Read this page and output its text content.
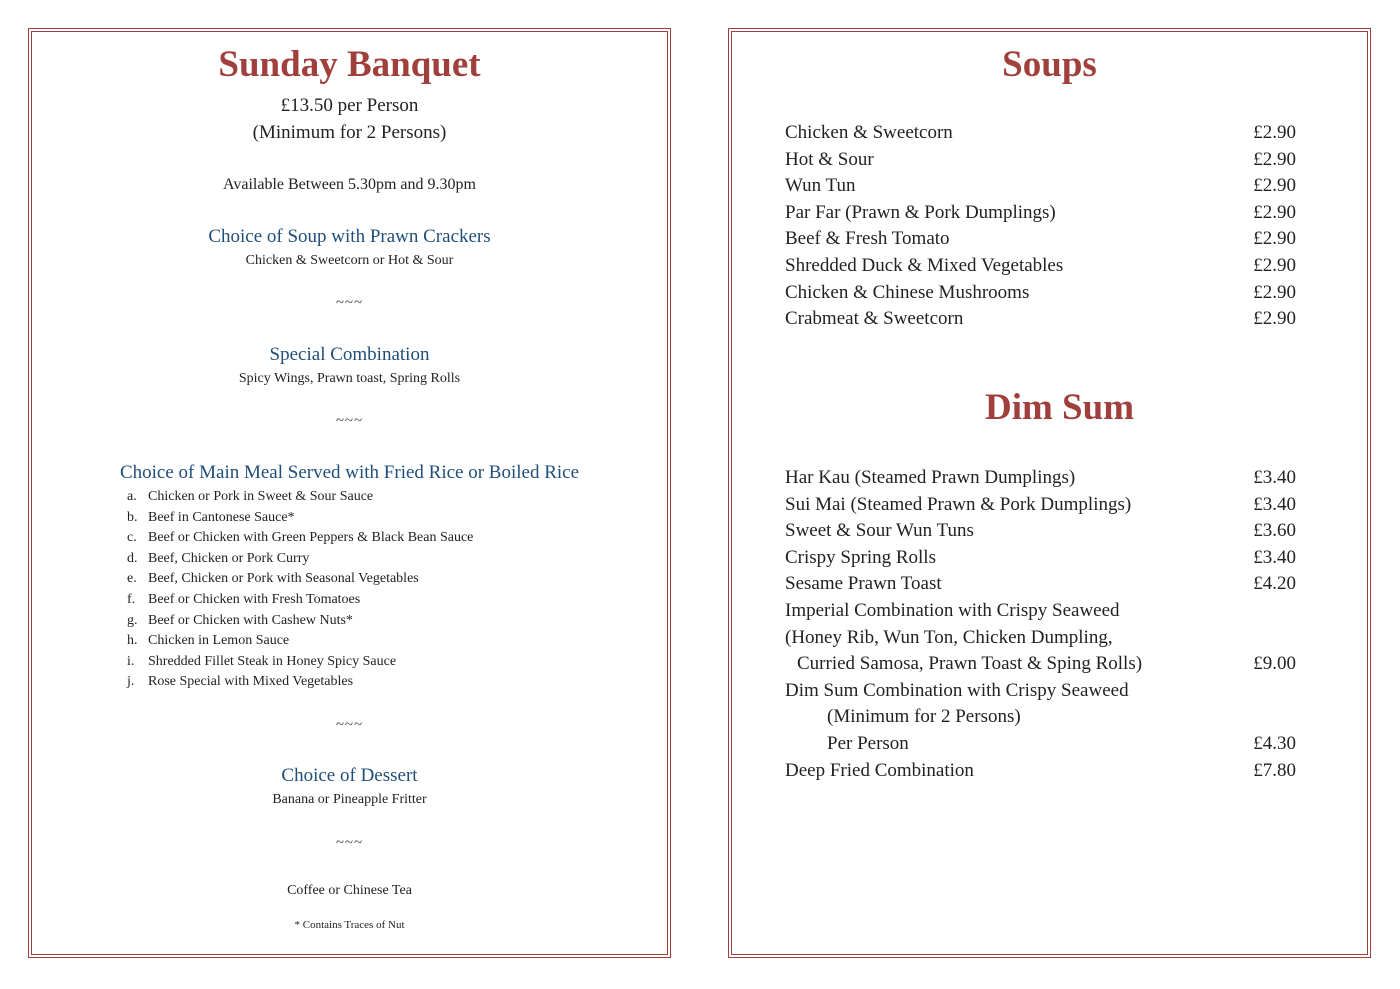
Sunday Banquet
£13.50 per Person
(Minimum for 2 Persons)
Available Between 5.30pm and 9.30pm
Choice of Soup with Prawn Crackers
Chicken & Sweetcorn or Hot & Sour
~~~
Special Combination
Spicy Wings, Prawn toast, Spring Rolls
~~~
Choice of Main Meal Served with Fried Rice or Boiled Rice
a. Chicken or Pork in Sweet & Sour Sauce
b. Beef in Cantonese Sauce*
c. Beef or Chicken with Green Peppers & Black Bean Sauce
d. Beef, Chicken or Pork Curry
e. Beef, Chicken or Pork with Seasonal Vegetables
f. Beef or Chicken with Fresh Tomatoes
g. Beef or Chicken with Cashew Nuts*
h. Chicken in Lemon Sauce
i. Shredded Fillet Steak in Honey Spicy Sauce
j. Rose Special with Mixed Vegetables
~~~
Choice of Dessert
Banana or Pineapple Fritter
~~~
Coffee or Chinese Tea
* Contains Traces of Nut
Soups
Chicken & Sweetcorn	£2.90
Hot & Sour	£2.90
Wun Tun	£2.90
Par Far (Prawn & Pork Dumplings)	£2.90
Beef & Fresh Tomato	£2.90
Shredded Duck & Mixed Vegetables	£2.90
Chicken & Chinese Mushrooms	£2.90
Crabmeat & Sweetcorn	£2.90
Dim Sum
Har Kau (Steamed Prawn Dumplings)	£3.40
Sui Mai (Steamed Prawn & Pork Dumplings)	£3.40
Sweet & Sour Wun Tuns	£3.60
Crispy Spring Rolls	£3.40
Sesame Prawn Toast	£4.20
Imperial Combination with Crispy Seaweed
(Honey Rib, Wun Ton, Chicken Dumpling,
Curried Samosa, Prawn Toast & Sping Rolls)	£9.00
Dim Sum Combination with Crispy Seaweed
(Minimum for 2 Persons)
Per Person	£4.30
Deep Fried Combination	£7.80
